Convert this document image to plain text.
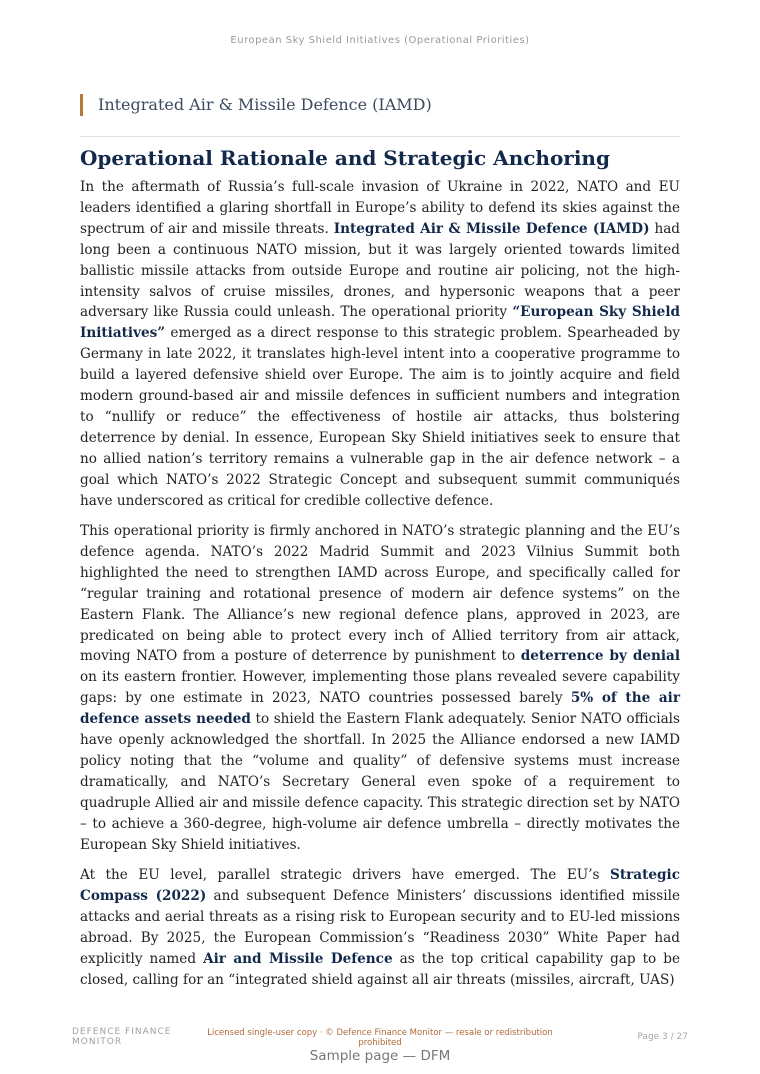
European Sky Shield Initiatives (Operational Priorities)
Integrated Air & Missile Defence (IAMD)
Operational Rationale and Strategic Anchoring

In the aftermath of Russia’s full-scale invasion of Ukraine in 2022, NATO and EU leaders identified a glaring shortfall in Europe’s ability to defend its skies against the spectrum of air and missile threats. Integrated Air & Missile Defence (IAMD) had long been a continuous NATO mission, but it was largely oriented towards limited ballistic missile attacks from outside Europe and routine air policing, not the high-intensity salvos of cruise missiles, drones, and hypersonic weapons that a peer adversary like Russia could unleash. The operational priority “European Sky Shield Initiatives” emerged as a direct response to this strategic problem. Spearheaded by Germany in late 2022, it translates high-level intent into a cooperative programme to build a layered defensive shield over Europe. The aim is to jointly acquire and field modern ground-based air and missile defences in sufficient numbers and integration to “nullify or reduce” the effectiveness of hostile air attacks, thus bolstering deterrence by denial. In essence, European Sky Shield initiatives seek to ensure that no allied nation’s territory remains a vulnerable gap in the air defence network – a goal which NATO’s 2022 Strategic Concept and subsequent summit communiqués have underscored as critical for credible collective defence.

This operational priority is firmly anchored in NATO’s strategic planning and the EU’s defence agenda. NATO’s 2022 Madrid Summit and 2023 Vilnius Summit both highlighted the need to strengthen IAMD across Europe, and specifically called for “regular training and rotational presence of modern air defence systems” on the Eastern Flank. The Alliance’s new regional defence plans, approved in 2023, are predicated on being able to protect every inch of Allied territory from air attack, moving NATO from a posture of deterrence by punishment to deterrence by denial on its eastern frontier. However, implementing those plans revealed severe capability gaps: by one estimate in 2023, NATO countries possessed barely 5% of the air defence assets needed to shield the Eastern Flank adequately. Senior NATO officials have openly acknowledged the shortfall. In 2025 the Alliance endorsed a new IAMD policy noting that the “volume and quality” of defensive systems must increase dramatically, and NATO’s Secretary General even spoke of a requirement to quadruple Allied air and missile defence capacity. This strategic direction set by NATO – to achieve a 360-degree, high-volume air defence umbrella – directly motivates the European Sky Shield initiatives.

At the EU level, parallel strategic drivers have emerged. The EU’s Strategic Compass (2022) and subsequent Defence Ministers’ discussions identified missile attacks and aerial threats as a rising risk to European security and to EU-led missions abroad. By 2025, the European Commission’s “Readiness 2030” White Paper had explicitly named Air and Missile Defence as the top critical capability gap to be closed, calling for an “integrated shield against all air threats (missiles, aircraft, UAS)

DEFENCE FINANCE MONITOR
Licensed single-user copy · © Defence Finance Monitor — resale or redistribution prohibited
Page 3 / 27
Sample page — DFM
